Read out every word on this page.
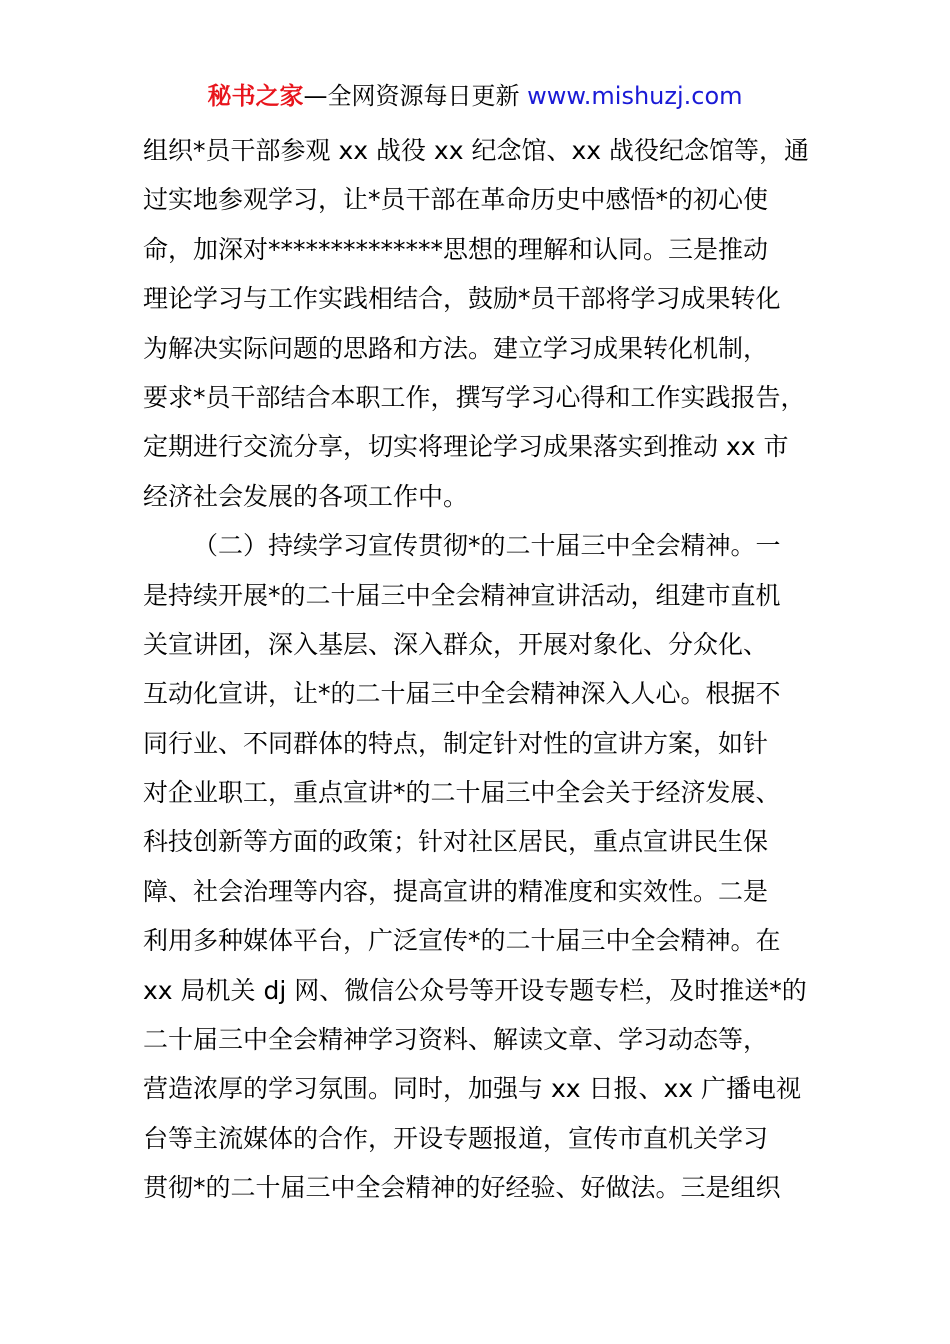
秘书之家—全网资源每日更新 www.mishuzj.com
组织*员干部参观 xx 战役 xx 纪念馆、xx 战役纪念馆等，通
过实地参观学习，让*员干部在革命历史中感悟*的初心使
命，加深对**************思想的理解和认同。三是推动
理论学习与工作实践相结合，鼓励*员干部将学习成果转化
为解决实际问题的思路和方法。建立学习成果转化机制，
要求*员干部结合本职工作，撰写学习心得和工作实践报告，
定期进行交流分享，切实将理论学习成果落实到推动 xx 市
经济社会发展的各项工作中。
（二）持续学习宣传贯彻*的二十届三中全会精神。一
是持续开展*的二十届三中全会精神宣讲活动，组建市直机
关宣讲团，深入基层、深入群众，开展对象化、分众化、
互动化宣讲，让*的二十届三中全会精神深入人心。根据不
同行业、不同群体的特点，制定针对性的宣讲方案，如针
对企业职工，重点宣讲*的二十届三中全会关于经济发展、
科技创新等方面的政策；针对社区居民，重点宣讲民生保
障、社会治理等内容，提高宣讲的精准度和实效性。二是
利用多种媒体平台，广泛宣传*的二十届三中全会精神。在
xx 局机关 dj 网、微信公众号等开设专题专栏，及时推送*的
二十届三中全会精神学习资料、解读文章、学习动态等，
营造浓厚的学习氛围。同时，加强与 xx 日报、xx 广播电视
台等主流媒体的合作，开设专题报道，宣传市直机关学习
贯彻*的二十届三中全会精神的好经验、好做法。三是组织
